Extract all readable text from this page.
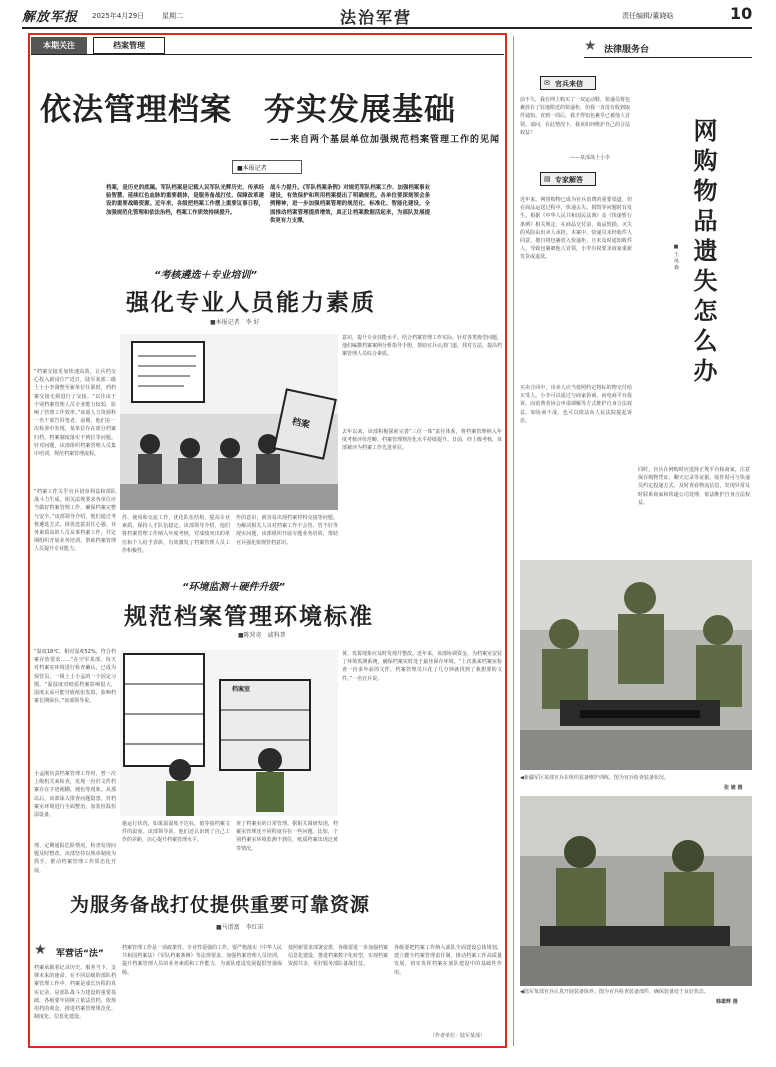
解放军报 2025年4月29日	星期二	法治军营	责任编辑/董晓晗	10
本期关注	档案管理
依法管理档案　夯实发展基础
——来自两个基层单位加强规范档案管理工作的见闻
■本报记者
档案，是历史的底稿。军队档案是记载人民军队光辉历史、传承经验智慧、延续红色血脉的重要载体，是服务备战打仗、保障改革建设的重要战略资源。近年来，各级把档案工作摆上重要议事日程，加强规范化管理和依法治档，档案工作质效持续提升。
战斗力提升。《军队档案条例》对规范军队档案工作、加强档案事业建设，有效保护和利用档案提出了明确规范。各单位要深刻领会条例精神，进一步加强档案管理的规范化、标准化、智能化建设，全面推动档案管理提质增效，真正让档案数据活起来，为部队发展提供更有力支撑。
“考核遴选＋专业培训”
强化专业人员能力素质
■本报记者　李 好
“档案交接更加快速高效，让兵档交心投入新岗位!”近日，陆军某部二级上士小李调整至新单位任职时，档档案交接无须进行了交接。“以往由于个别档案管理人员专业能力较弱，影响了管理工作效率。”该部人力资源科一名干部告诉笔者，前期，他们在一次检查中发现，某单位存在部分档案归档、档案制度落实不到位等问题。针对问题，该部组织档案管理人员集中培训，规范档案管理流程。
“档案工作关乎官兵切身利益和部队战斗力生成。相关法规要求各单位应当做好档案管理工作，确保档案完整与安全。”该部领导介绍，他们通过考核遴选方式，择优选拔责任心强、业务素质高的人员从事档案工作，并定期组织开展业务培训，帮助档案管理人员提升专业能力。
档案
件、使用和交流工作，优化队伍结构，提高专业素质，保持人才队伍稳定。该部领导介绍，他们将档案管理工作纳入年度考核，对成绩突出的单位和个人给予表彰，有效激发了档案管理人员工作积极性。
作的意识，就容易出现档案材料交接等问题。为解决相关人员对档案工作不会管、管不好等现实问题，该部组织开展专题业务培训，帮助官兵强化依规管档意识。
意识，提升专业技能水平。结合档案管理工作实际，针对各类典型问题，他们编撰档案案例分析指导手册，帮助官兵认清门道、找对方法，提高档案管理人员综合素质。
去年以来，该部积极探索完善“三位一体”责任体系，将档案管理纳入年度考核评价范畴，档案管理规范化水平持续提升。日前，经上级考核，该部被评为档案工作先进单位。
“环境监测＋硬件升级”
规范档案管理环境标准
■陈营奇　戚科普
“温度18℃，相对湿度52%，符合档案存放要求……”在空军某部，每天对档案室环境进行检查确认，已成为保管员、一级上士小孟的一个固定习惯。“温湿度对纸质档案影响很大，湿度太高可能导致纸张发霉，影响档案长期保存。”该部领导说。
小孟刚负责档案管理工作时，曾一次上级机关来检查，发现一份归文件档案存在字迹褪糊、褪色等现象。从那以后，该部深入排查问题隐患，对档案室环境进行全面整治，加装恒温恒湿设备。
档案室
施运行状况，如果温湿度不达标，值等接档案文件的温度。该部领导说，他们还认识到了自己工作的差距，决心提升档案管理水平。
理、定期通报危险情况，检查发现问题及时整改。该部坚持以规章制度为抓手，推动档案管理工作常态化开展。
查了档案室的日常管理。据相关调研发现，档案室管理还不同程度存在一些问题。比如，个别档案室环境监测不到位，纸质档案出现泛黄等情况。
黄、发霉现象应及时发现并整改。近年来，该部协调资金，为档案室安装了环境监测系统，确保档案实时处于最佳保存环境。“上次我来档案室检查一份多年前的文件，档案管理员只花了几分钟就找到了我想要的文件。”一名官兵说。
为服务备战打仗提供重要可靠资源
■马谱富　李红宙
★ 军营话“法”
档案承载着记录历史、服务当下、支撑未来的使命。在不同层级的部队档案管理工作中，档案是成长历程的真实记录，是部队战斗力建设的重要基础。各级要牢固树立依法管档、依规用档的观念，推进档案管理规范化、制度化、信息化建设。
档案管理工作是一项政策性、专业性很强的工作。要严格落实《中华人民共和国档案法》《军队档案条例》等法规要求，加强档案管理人员培训，提升档案管理人员的业务素质和工作能力，为部队建设发展提供坚强保障。
按照新要求部署安排，各级要进一步加强档案信息化建设，推进档案数字化转型，实现档案资源共享，更好服务部队备战打仗。
各级要把档案工作纳入部队全面建设总体规划，建立健全档案管理责任制，推动档案工作高质量发展，切实发挥档案在部队建设中的基础性作用。
（作者单位：陆军某部）
★ 法律服务台
✉ 官兵来信
前不久，我在网上购买了一双运动鞋，快递员将包裹放在了驻地附近的快递柜，但我一直没有收到取件通知。直到一周后，我才得知包裹早已被他人冒领。请问，在此情况下，我该如何维护自己的合法权益？
——某部战士小李
▤ 专家解答
近年来，网络购物已成为官兵消费的重要渠道，但在商品运送过程中，快递丢失、损毁等问题时有发生。根据《中华人民共和国民法典》及《快递暂行条例》相关规定，在商品交付前，商品毁损、灭失的风险由出卖人承担。本案中，快递员未经收件人同意，擅自将包裹放入快递柜，且未及时通知收件人，导致包裹被他人冒领，小李有权要求商家重新发货或退款。
买卖合同中，出卖人应当按照约定将标的物交付给买受人。小李可以通过与商家协商、向电商平台投诉、向消费者协会申请调解等方式维护自身合法权益。如协商不成，也可以依法向人民法院提起诉讼。
同时，官兵在网购时应选择正规平台和商家，注意保存购物凭证、聊天记录等证据。收件时可与快递员约定投递方式，及时查看物流信息，发现异常及时联系商家和快递公司处理，依法维护自身合法权益。
网购物品遗失怎么办
■ 王 凤 森
◀新疆军区某部官兵在组织装备维护训练。图为官兵检查装备状况。
张 婕 摄
◀陆军某部官兵认真开展装备保养。图为官兵检查装备部件，确保装备处于良好状态。
韩雄辉 摄
